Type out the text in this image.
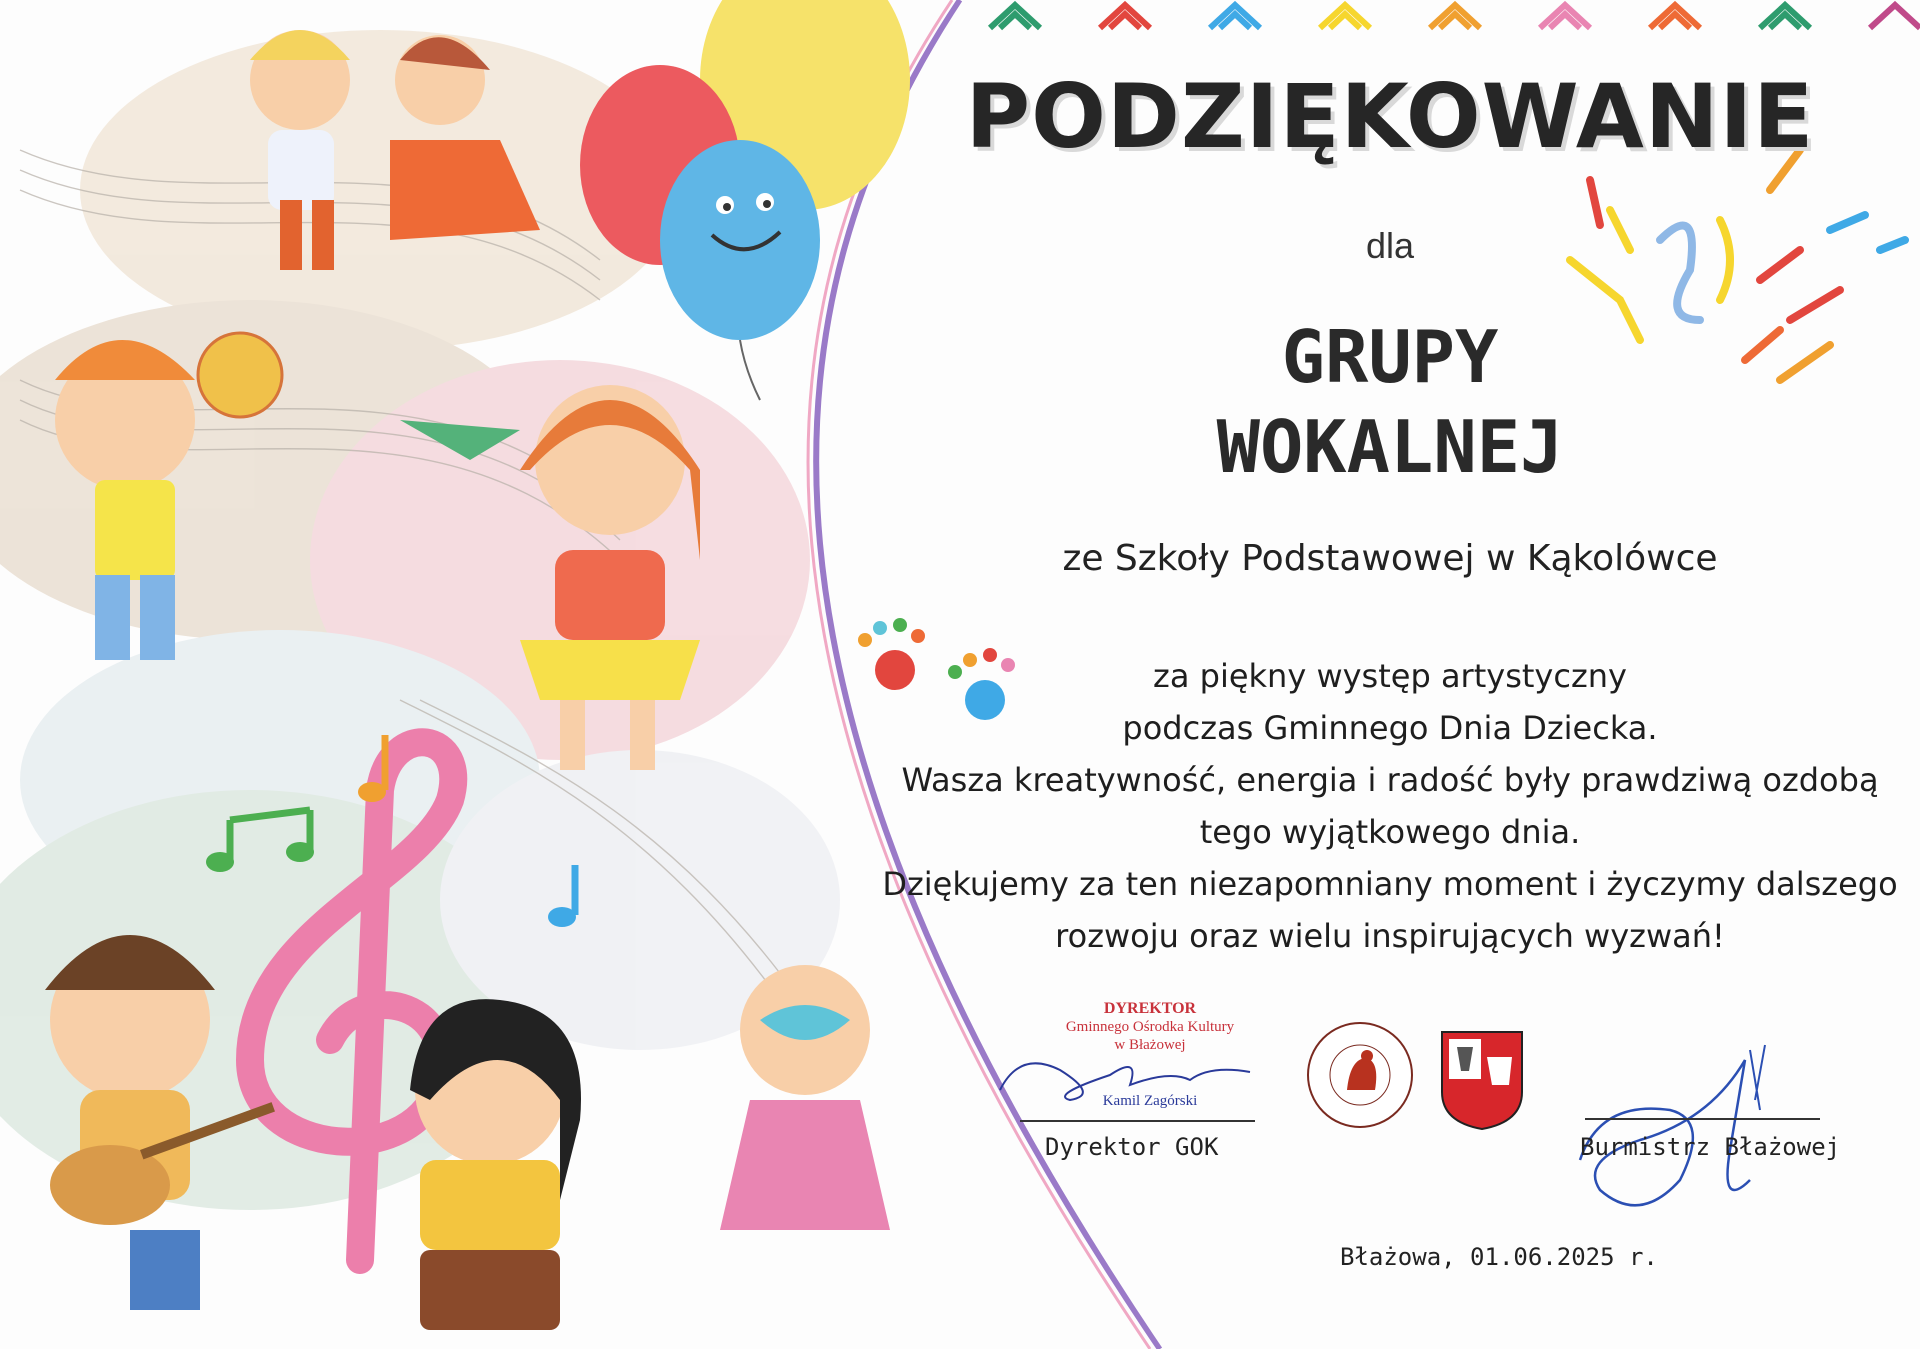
PODZIĘKOWANIE
dla
GRUPY
WOKALNEJ
ze Szkoły Podstawowej w Kąkolówce
za piękny występ artystyczny
podczas Gminnego Dnia Dziecka.
Wasza kreatywność, energia i radość były prawdziwą ozdobą
tego wyjątkowego dnia.
Dziękujemy za ten niezapomniany moment i życzymy dalszego
rozwoju oraz wielu inspirujących wyzwań!
DYREKTOR
Gminnego Ośrodka Kultury
w Błażowej
Kamil Zagórski
Dyrektor GOK	Burmistrz Błażowej
Błażowa, 01.06.2025 r.
